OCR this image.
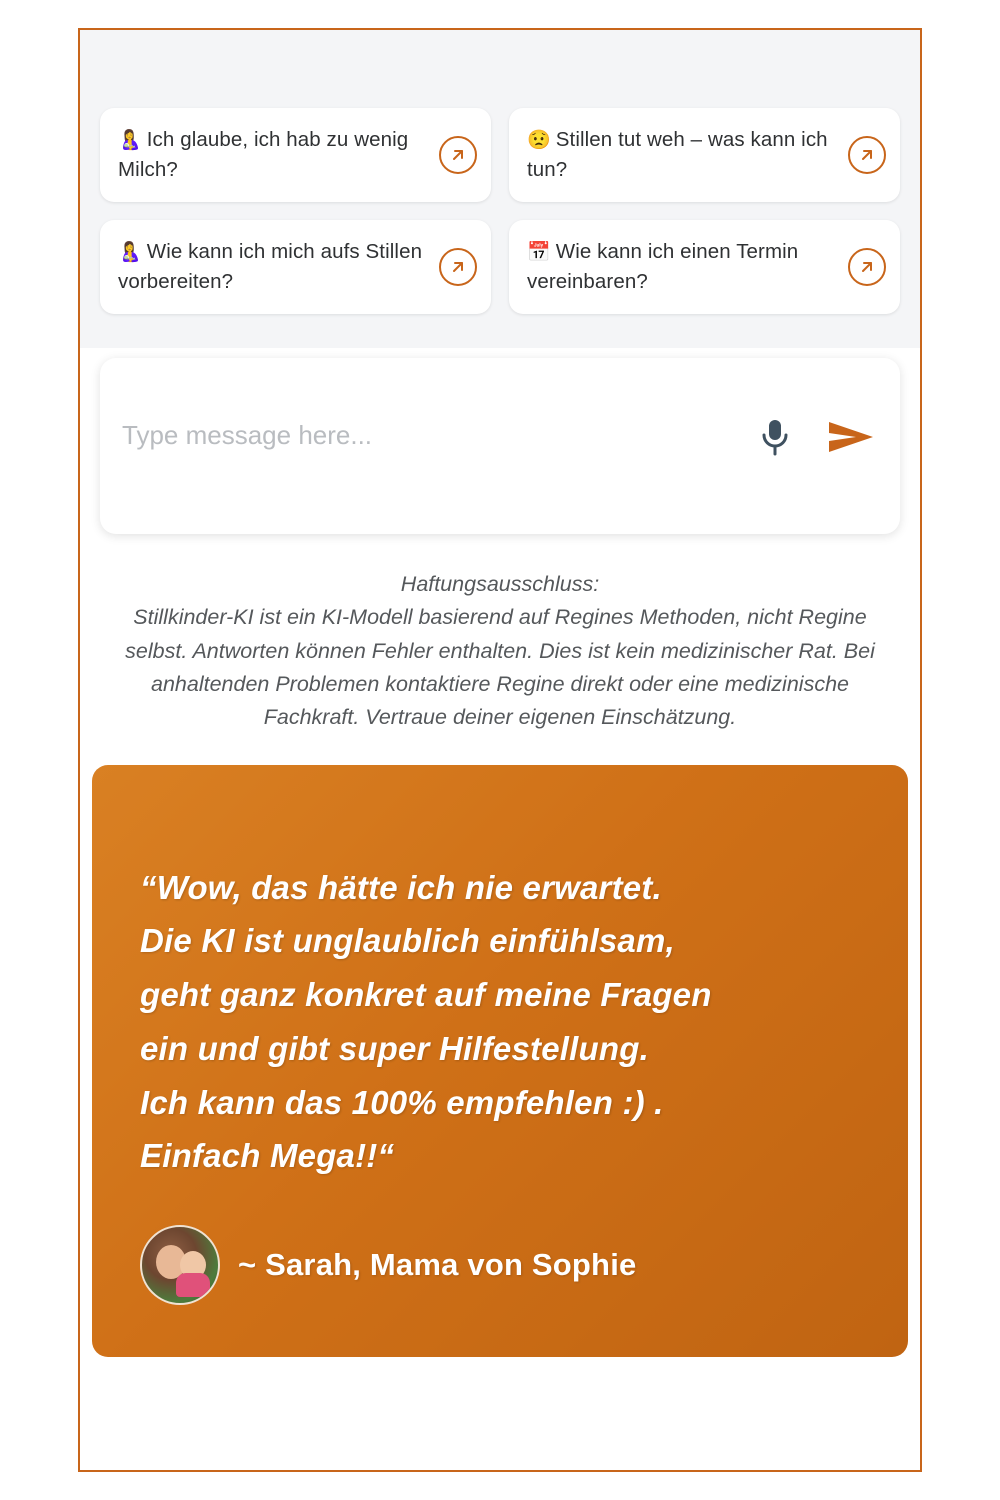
🤱 Ich glaube, ich hab zu wenig Milch?
😟 Stillen tut weh – was kann ich tun?
🤱 Wie kann ich mich aufs Stillen vorbereiten?
📅 Wie kann ich einen Termin vereinbaren?
Type message here...
Haftungsausschluss:
Stillkinder-KI ist ein KI-Modell basierend auf Regines Methoden, nicht Regine selbst. Antworten können Fehler enthalten. Dies ist kein medizinischer Rat. Bei anhaltenden Problemen kontaktiere Regine direkt oder eine medizinische Fachkraft. Vertraue deiner eigenen Einschätzung.
“Wow, das hätte ich nie erwartet.
Die KI ist unglaublich einfühlsam,
geht ganz konkret auf meine Fragen
ein und gibt super Hilfestellung.
Ich kann das 100% empfehlen :) .
Einfach Mega!!“
~ Sarah, Mama von Sophie
